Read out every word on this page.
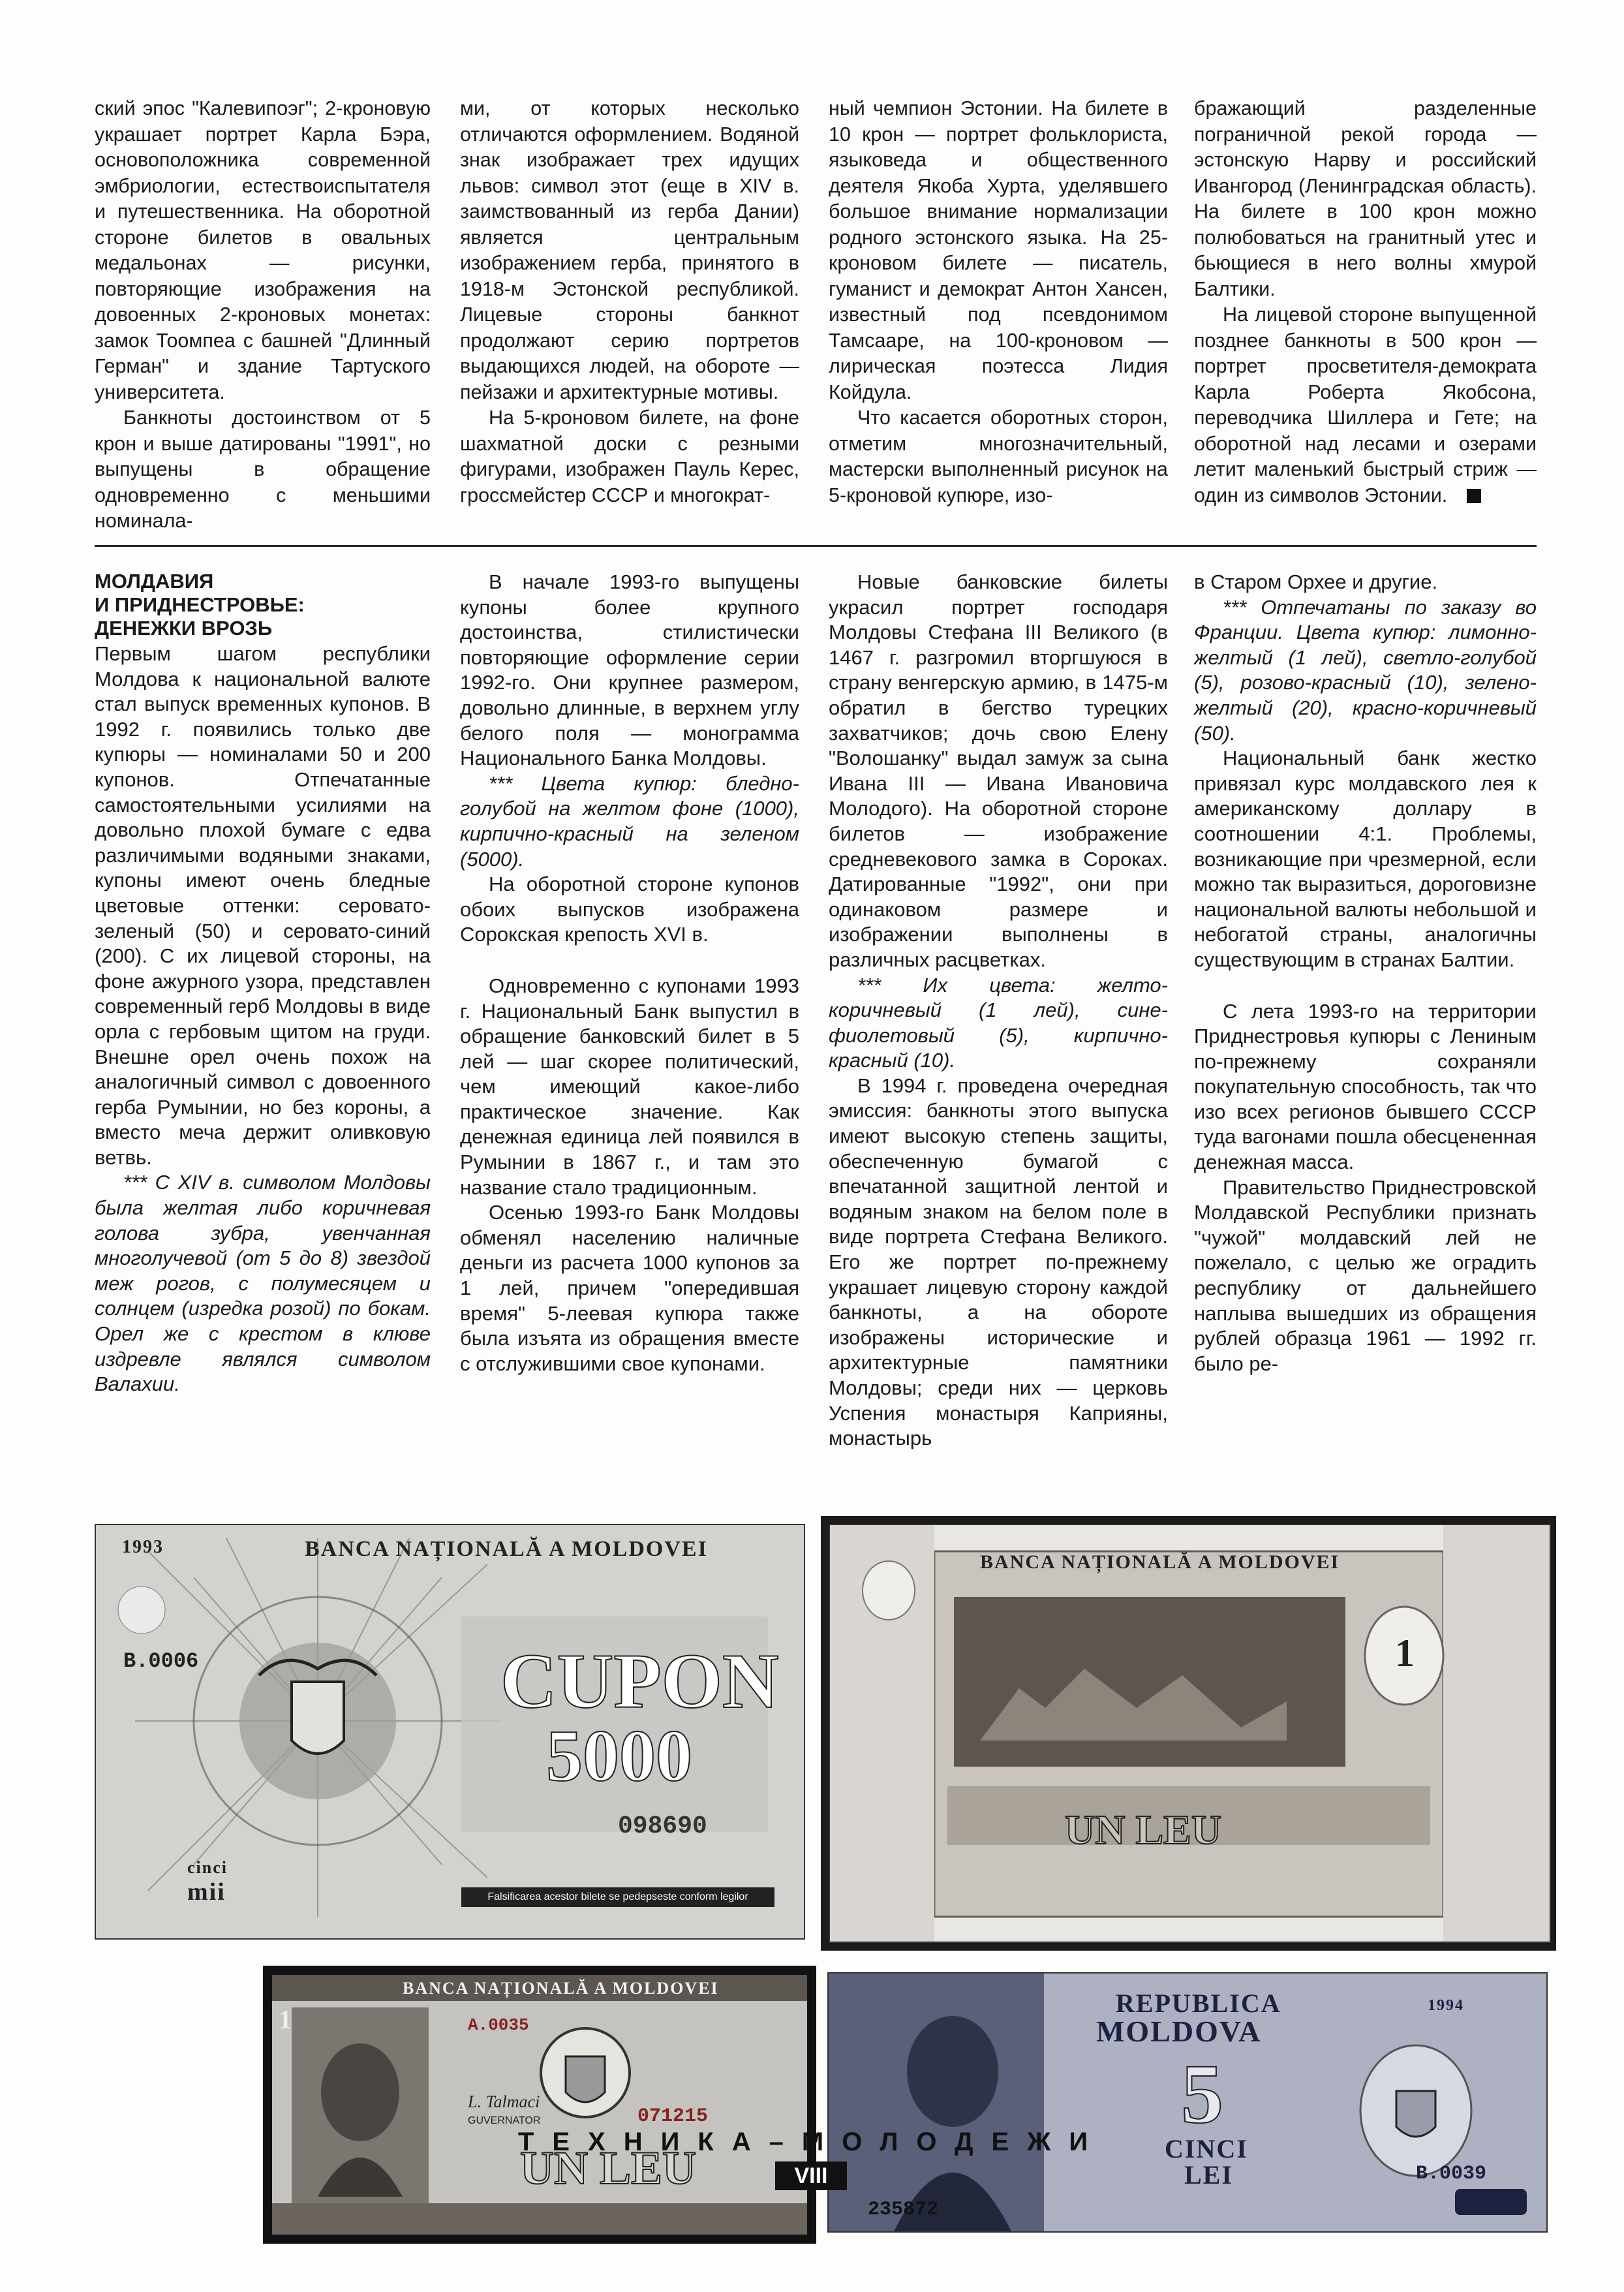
ский эпос "Калевипоэг"; 2-кроновую украшает портрет Карла Бэра, основоположника современной эмбриологии, естествоиспытателя и путешественника. На оборотной стороне билетов в овальных медальонах — рисунки, повторяющие изображения на довоенных 2-кроновых монетах: замок Тоомпеа с башней "Длинный Герман" и здание Тартуского университета.

Банкноты достоинством от 5 крон и выше датированы "1991", но выпущены в обращение одновременно с меньшими номинала-

ми, от которых несколько отличаются оформлением. Водяной знак изображает трех идущих львов: символ этот (еще в XIV в. заимствованный из герба Дании) является центральным изображением герба, принятого в 1918-м Эстонской республикой. Лицевые стороны банкнот продолжают серию портретов выдающихся людей, на обороте — пейзажи и архитектурные мотивы.

На 5-кроновом билете, на фоне шахматной доски с резными фигурами, изображен Пауль Керес, гроссмейстер СССР и многократ-

ный чемпион Эстонии. На билете в 10 крон — портрет фольклориста, языковеда и общественного деятеля Якоба Хурта, уделявшего большое внимание нормализации родного эстонского языка. На 25-кроновом билете — писатель, гуманист и демократ Антон Хансен, известный под псевдонимом Тамсааре, на 100-кроновом — лирическая поэтесса Лидия Койдула.

Что касается оборотных сторон, отметим многозначительный, мастерски выполненный рисунок на 5-кроновой купюре, изо-

бражающий разделенные пограничной рекой города — эстонскую Нарву и российский Ивангород (Ленинградская область). На билете в 100 крон можно полюбоваться на гранитный утес и бьющиеся в него волны хмурой Балтики.

На лицевой стороне выпущенной позднее банкноты в 500 крон — портрет просветителя-демократа Карла Роберта Якобсона, переводчика Шиллера и Гете; на оборотной над лесами и озерами летит маленький быстрый стриж — один из символов Эстонии.

МОЛДАВИЯ
И ПРИДНЕСТРОВЬЕ:
ДЕНЕЖКИ ВРОЗЬ

Первым шагом республики Молдова к национальной валюте стал выпуск временных купонов. В 1992 г. появились только две купюры — номиналами 50 и 200 купонов. Отпечатанные самостоятельными усилиями на довольно плохой бумаге с едва различимыми водяными знаками, купоны имеют очень бледные цветовые оттенки: серовато-зеленый (50) и серовато-синий (200). С их лицевой стороны, на фоне ажурного узора, представлен современный герб Молдовы в виде орла с гербовым щитом на груди. Внешне орел очень похож на аналогичный символ с довоенного герба Румынии, но без короны, а вместо меча держит оливковую ветвь.

*** С XIV в. символом Молдовы была желтая либо коричневая голова зубра, увенчанная многолучевой (от 5 до 8) звездой меж рогов, с полумесяцем и солнцем (изредка розой) по бокам. Орел же с крестом в клюве издревле являлся символом Валахии.

В начале 1993-го выпущены купоны более крупного достоинства, стилистически повторяющие оформление серии 1992-го. Они крупнее размером, довольно длинные, в верхнем углу белого поля — монограмма Национального Банка Молдовы.

*** Цвета купюр: бледно-голубой на желтом фоне (1000), кирпично-красный на зеленом (5000).

На оборотной стороне купонов обоих выпусков изображена Сорокская крепость XVI в.

Одновременно с купонами 1993 г. Национальный Банк выпустил в обращение банковский билет в 5 лей — шаг скорее политический, чем имеющий какое-либо практическое значение. Как денежная единица лей появился в Румынии в 1867 г., и там это название стало традиционным.

Осенью 1993-го Банк Молдовы обменял населению наличные деньги из расчета 1000 купонов за 1 лей, причем "опередившая время" 5-леевая купюра также была изъята из обращения вместе с отслужившими свое купонами.

Новые банковские билеты украсил портрет господаря Молдовы Стефана III Великого (в 1467 г. разгромил вторгшуюся в страну венгерскую армию, в 1475-м обратил в бегство турецких захватчиков; дочь свою Елену "Волошанку" выдал замуж за сына Ивана III — Ивана Ивановича Молодого). На оборотной стороне билетов — изображение средневекового замка в Сороках. Датированные "1992", они при одинаковом размере и изображении выполнены в различных расцветках.

*** Их цвета: желто-коричневый (1 лей), сине-фиолетовый (5), кирпично-красный (10).

В 1994 г. проведена очередная эмиссия: банкноты этого выпуска имеют высокую степень защиты, обеспеченную бумагой с впечатанной защитной лентой и водяным знаком на белом поле в виде портрета Стефана Великого. Его же портрет по-прежнему украшает лицевую сторону каждой банкноты, а на обороте изображены исторические и архитектурные памятники Молдовы; среди них — церковь Успения монастыря Каприяны, монастырь

в Старом Орхее и другие.

*** Отпечатаны по заказу во Франции. Цвета купюр: лимонно-желтый (1 лей), светло-голубой (5), розово-красный (10), зелено-желтый (20), красно-коричневый (50).

Национальный банк жестко привязал курс молдавского лея к американскому доллару в соотношении 4:1. Проблемы, возникающие при чрезмерной, если можно так выразиться, дороговизне национальной валюты небольшой и небогатой страны, аналогичны существующим в странах Балтии.

С лета 1993-го на территории Приднестровья купюры с Лениным по-прежнему сохраняли покупательную способность, так что изо всех регионов бывшего СССР туда вагонами пошла обесцененная денежная масса.

Правительство Приднестровской Молдавской Республики признать "чужой" молдавский лей не пожелало, с целью же оградить республику от дальнейшего наплыва вышедших из обращения рублей образца 1961 — 1992 гг. было ре-

1993	BANCA NAȚIONALĂ A MOLDOVEI
B.0006	CUPON
5000
098690
cinci
mii	Falsificarea acestor bilete se pedepseste conform legilor
BANCA NAȚIONALĂ A MOLDOVEI
1
UN LEU
BANCA NAȚIONALĂ A MOLDOVEI
A.0035
071215
L. Talmaci
GUVERNATOR
1
UN LEU
REPUBLICA
MOLDOVA
5
CINCI
LEI
1994
B.0039
235872
ТЕХНИКА–МОЛОДЕЖИ
VIII
